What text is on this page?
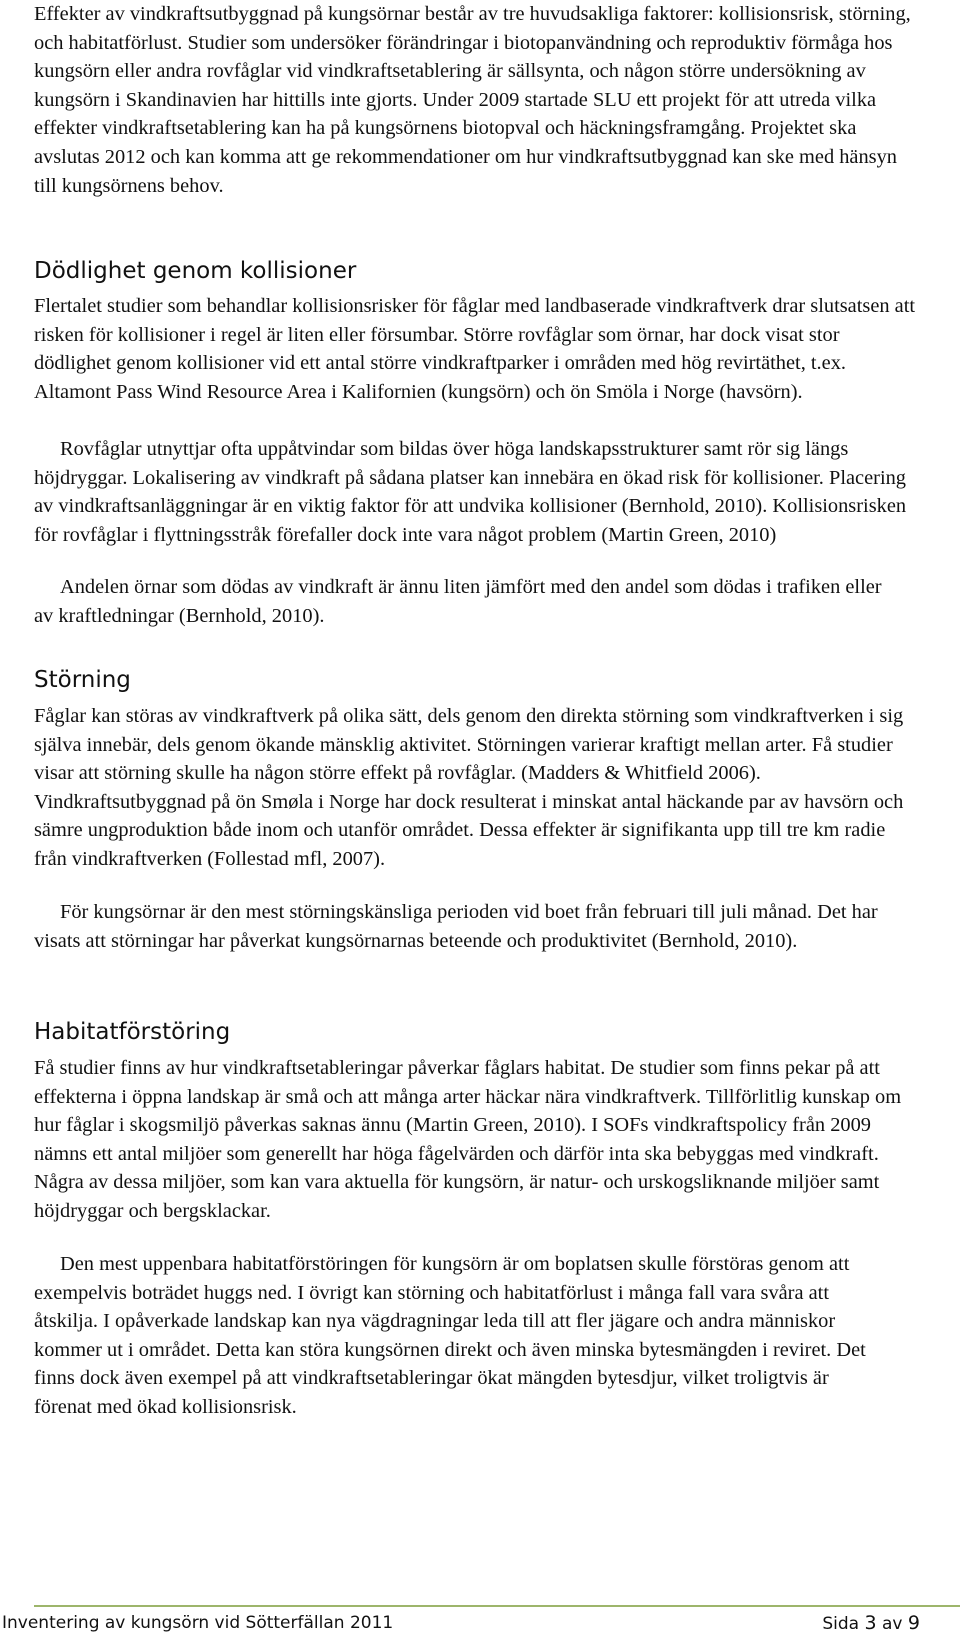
Effekter av vindkraftsutbyggnad på kungsörnar består av tre huvudsakliga faktorer: kollisionsrisk, störning, och habitatförlust. Studier som undersöker förändringar i biotopanvändning och reproduktiv förmåga hos kungsörn eller andra rovfåglar vid vindkraftsetablering är sällsynta, och någon större undersökning av kungsörn i Skandinavien har hittills inte gjorts. Under 2009 startade SLU ett projekt för att utreda vilka effekter vindkraftsetablering kan ha på kungsörnens biotopval och häckningsframgång. Projektet ska avslutas 2012 och kan komma att ge rekommendationer om hur vindkraftsutbyggnad kan ske med hänsyn till kungsörnens behov.

Dödlighet genom kollisioner

Flertalet studier som behandlar kollisionsrisker för fåglar med landbaserade vindkraftverk drar slutsatsen att risken för kollisioner i regel är liten eller försumbar. Större rovfåglar som örnar, har dock visat stor dödlighet genom kollisioner vid ett antal större vindkraftparker i områden med hög revirtäthet, t.ex. Altamont Pass Wind Resource Area i Kalifornien (kungsörn) och ön Smöla i Norge (havsörn).

Rovfåglar utnyttjar ofta uppåtvindar som bildas över höga landskapsstrukturer samt rör sig längs höjdryggar. Lokalisering av vindkraft på sådana platser kan innebära en ökad risk för kollisioner. Placering av vindkraftsanläggningar är en viktig faktor för att undvika kollisioner (Bernhold, 2010). Kollisionsrisken för rovfåglar i flyttningsstråk förefaller dock inte vara något problem (Martin Green, 2010)

Andelen örnar som dödas av vindkraft är ännu liten jämfört med den andel som dödas i trafiken eller av kraftledningar (Bernhold, 2010).

Störning

Fåglar kan störas av vindkraftverk på olika sätt, dels genom den direkta störning som vindkraftverken i sig själva innebär, dels genom ökande mänsklig aktivitet. Störningen varierar kraftigt mellan arter. Få studier visar att störning skulle ha någon större effekt på rovfåglar. (Madders & Whitfield 2006). Vindkraftsutbyggnad på ön Smøla i Norge har dock resulterat i minskat antal häckande par av havsörn och sämre ungproduktion både inom och utanför området. Dessa effekter är signifikanta upp till tre km radie från vindkraftverken (Follestad mfl, 2007).

För kungsörnar är den mest störningskänsliga perioden vid boet från februari till juli månad. Det har visats att störningar har påverkat kungsörnarnas beteende och produktivitet (Bernhold, 2010).

Habitatförstöring

Få studier finns av hur vindkraftsetableringar påverkar fåglars habitat. De studier som finns pekar på att effekterna i öppna landskap är små och att många arter häckar nära vindkraftverk. Tillförlitlig kunskap om hur fåglar i skogsmiljö påverkas saknas ännu (Martin Green, 2010). I SOFs vindkraftspolicy från 2009 nämns ett antal miljöer som generellt har höga fågelvärden och därför inta ska bebyggas med vindkraft. Några av dessa miljöer, som kan vara aktuella för kungsörn, är natur- och urskogsliknande miljöer samt höjdryggar och bergsklackar.

Den mest uppenbara habitatförstöringen för kungsörn är om boplatsen skulle förstöras genom att exempelvis boträdet huggs ned. I övrigt kan störning och habitatförlust i många fall vara svåra att åtskilja. I opåverkade landskap kan nya vägdragningar leda till att fler jägare och andra människor kommer ut i området. Detta kan störa kungsörnen direkt och även minska bytesmängden i reviret. Det finns dock även exempel på att vindkraftsetableringar ökat mängden bytesdjur, vilket troligtvis är förenat med ökad kollisionsrisk.

Inventering av kungsörn vid Sötterfällan 2011	Sida 3 av 9
